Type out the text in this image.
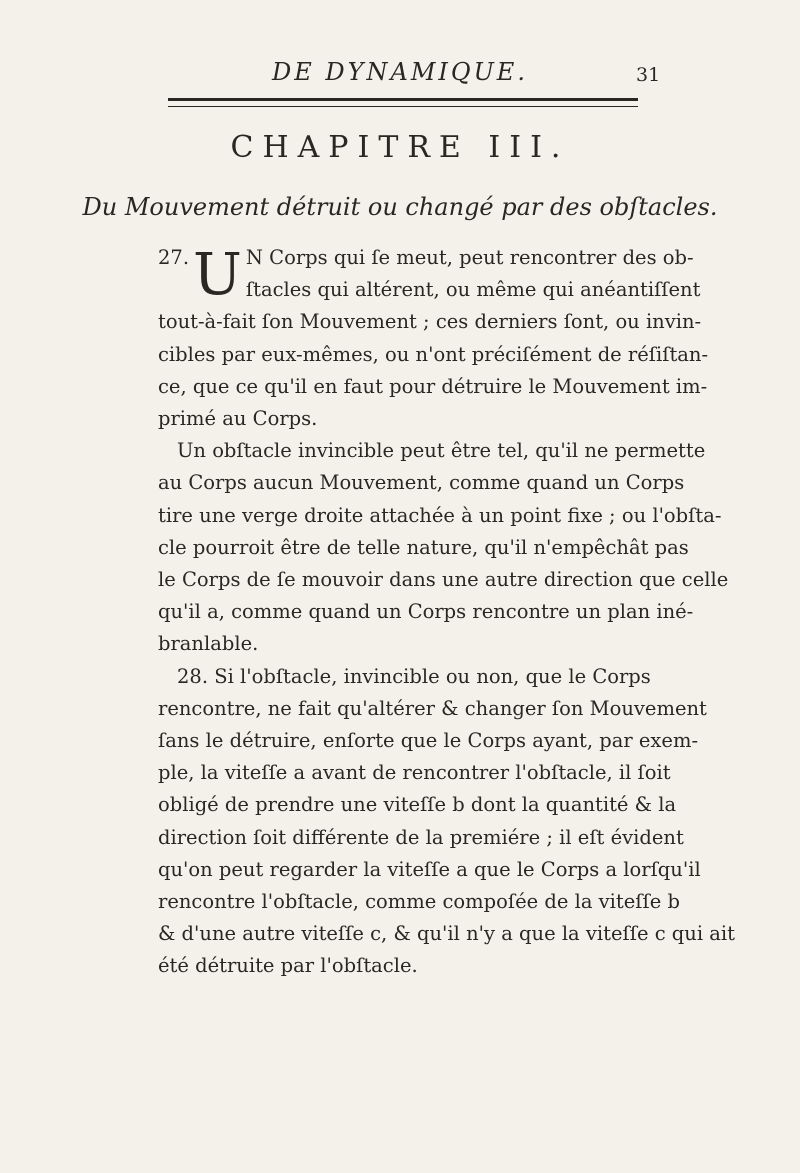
DE DYNAMIQUE.	31
CHAPITRE III.
Du Mouvement détruit ou changé par des obſtacles.
27. U N Corps qui ſe meut, peut rencontrer des ob-
ſtacles qui altérent, ou même qui anéantiſſent
tout-à-fait ſon Mouvement ; ces derniers ſont, ou invin-
cibles par eux-mêmes, ou n'ont préciſément de réſiſtan-
ce, que ce qu'il en faut pour détruire le Mouvement im-
primé au Corps.
Un obſtacle invincible peut être tel, qu'il ne permette
au Corps aucun Mouvement, comme quand un Corps
tire une verge droite attachée à un point fixe ; ou l'obſta-
cle pourroit être de telle nature, qu'il n'empêchât pas
le Corps de ſe mouvoir dans une autre direction que celle
qu'il a, comme quand un Corps rencontre un plan iné-
branlable.
28. Si l'obſtacle, invincible ou non, que le Corps
rencontre, ne fait qu'altérer & changer ſon Mouvement
ſans le détruire, enſorte que le Corps ayant, par exem-
ple, la viteſſe a avant de rencontrer l'obſtacle, il ſoit
obligé de prendre une viteſſe b dont la quantité & la
direction ſoit différente de la premiére ; il eſt évident
qu'on peut regarder la viteſſe a que le Corps a lorſqu'il
rencontre l'obſtacle, comme compoſée de la viteſſe b
& d'une autre viteſſe c, & qu'il n'y a que la viteſſe c qui ait
été détruite par l'obſtacle.
